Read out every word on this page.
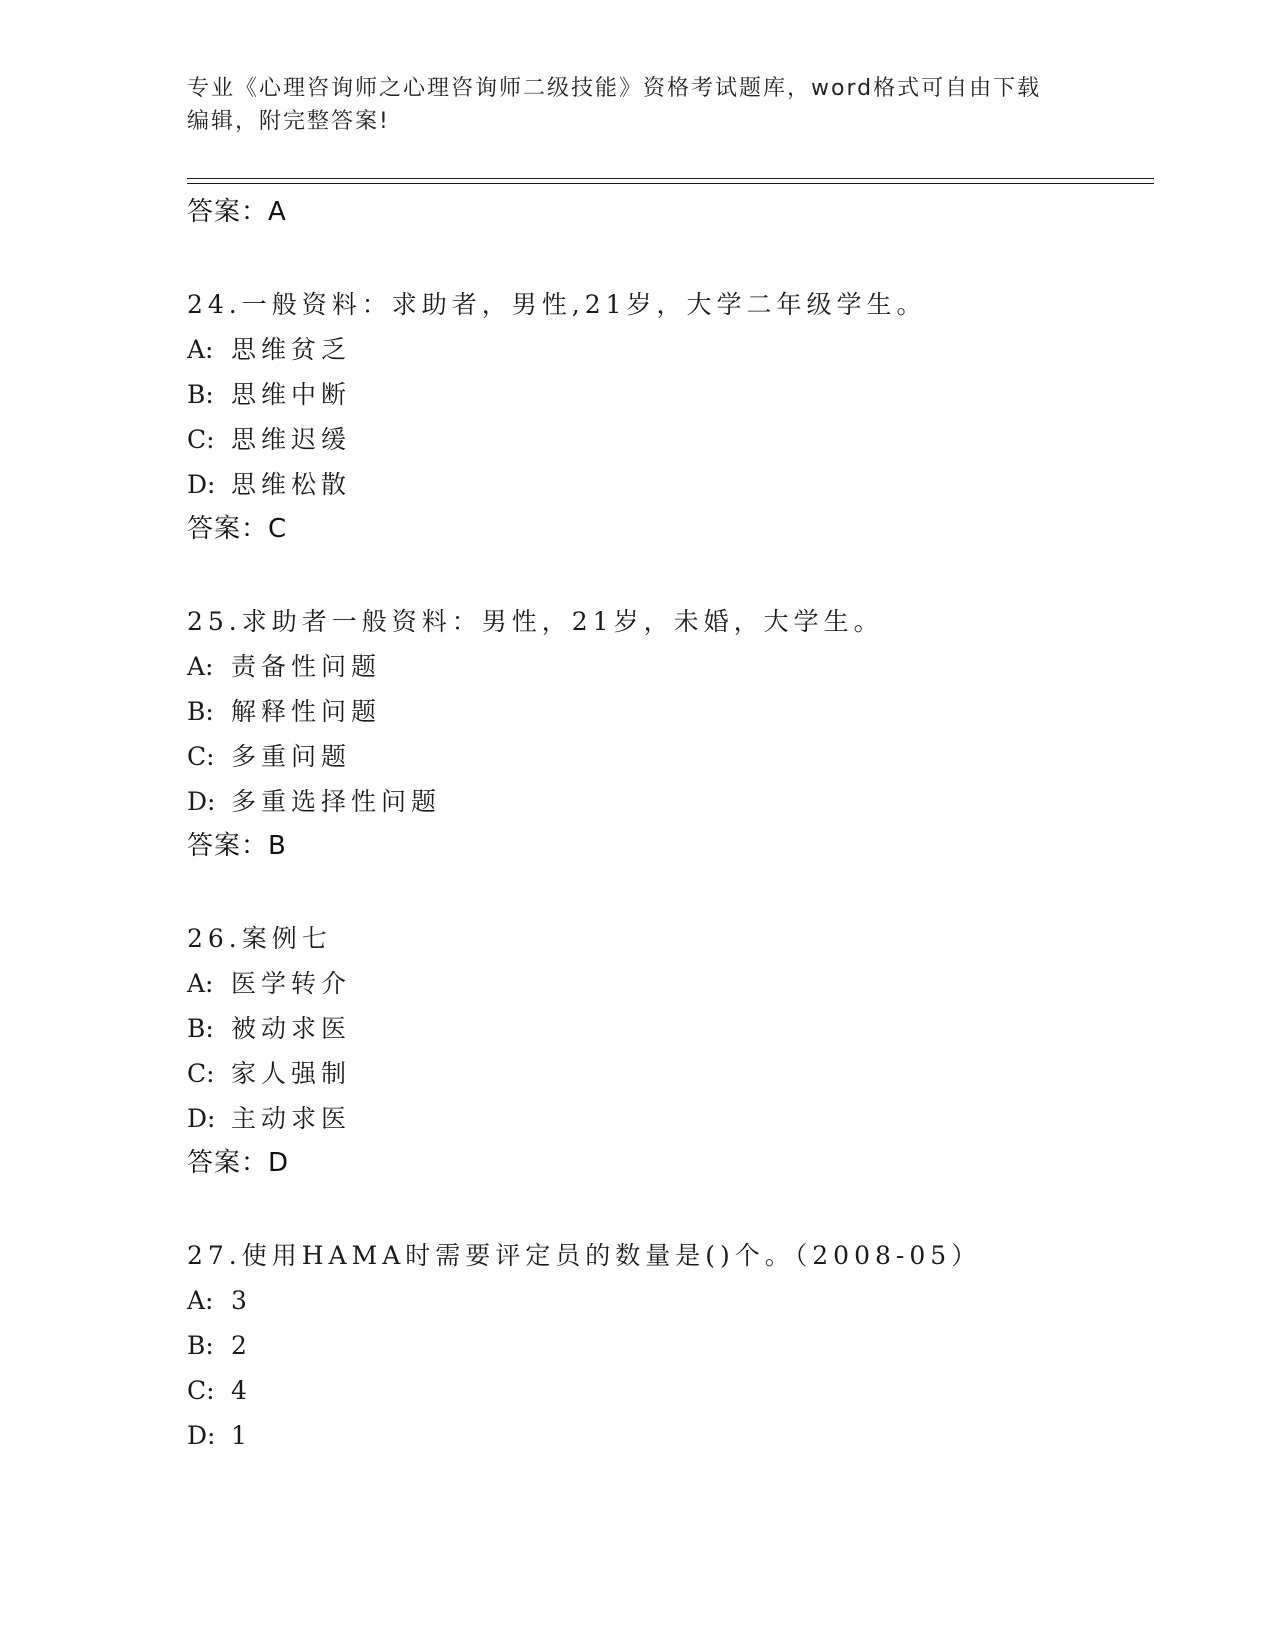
专业《心理咨询师之心理咨询师二级技能》资格考试题库，word格式可自由下载
编辑，附完整答案!
答案：A
24.一般资料：求助者，男性,21岁，大学二年级学生。
A: 思维贫乏
B: 思维中断
C: 思维迟缓
D: 思维松散
答案：C
25.求助者一般资料：男性，21岁，未婚，大学生。
A: 责备性问题
B: 解释性问题
C: 多重问题
D: 多重选择性问题
答案：B
26.案例七
A: 医学转介
B: 被动求医
C: 家人强制
D: 主动求医
答案：D
27.使用HAMA时需要评定员的数量是()个。（2008-05）
A: 3
B: 2
C: 4
D: 1
